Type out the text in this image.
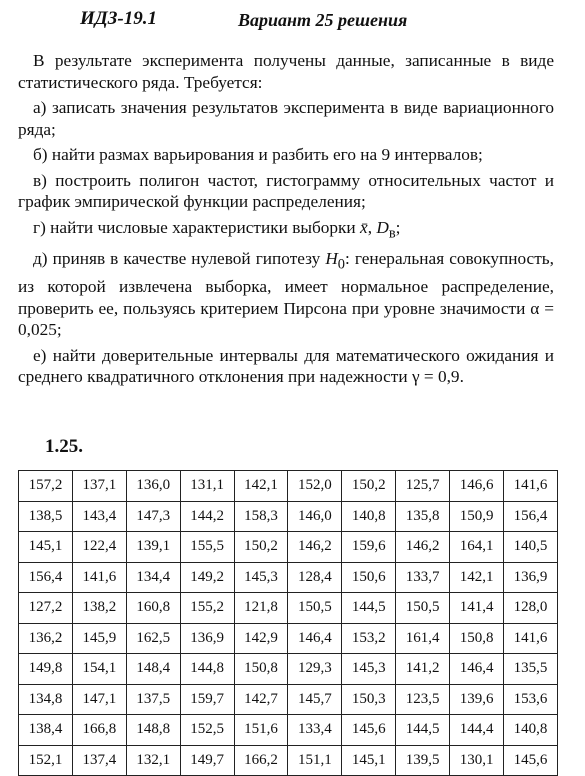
ИДЗ-19.1	Вариант 25 решения

В результате эксперимента получены данные, записанные в виде статистического ряда. Требуется:

а) записать значения результатов эксперимента в виде вариационного ряда;

б) найти размах варьирования и разбить его на 9 интервалов;

в) построить полигон частот, гистограмму относительных частот и график эмпирической функции распределения;

г) найти числовые характеристики выборки x̄, $D_в$;

д) приняв в качестве нулевой гипотезу $H_0$: генеральная совокупность, из которой извлечена выборка, имеет нормальное распределение, проверить ее, пользуясь критерием Пирсона при уровне значимости α = 0,025;

е) найти доверительные интервалы для математического ожидания и среднего квадратичного отклонения при надежности γ = 0,9.

1.25.
157,2	137,1	136,0	131,1	142,1	152,0	150,2	125,7	146,6	141,6
138,5	143,4	147,3	144,2	158,3	146,0	140,8	135,8	150,9	156,4
145,1	122,4	139,1	155,5	150,2	146,2	159,6	146,2	164,1	140,5
156,4	141,6	134,4	149,2	145,3	128,4	150,6	133,7	142,1	136,9
127,2	138,2	160,8	155,2	121,8	150,5	144,5	150,5	141,4	128,0
136,2	145,9	162,5	136,9	142,9	146,4	153,2	161,4	150,8	141,6
149,8	154,1	148,4	144,8	150,8	129,3	145,3	141,2	146,4	135,5
134,8	147,1	137,5	159,7	142,7	145,7	150,3	123,5	139,6	153,6
138,4	166,8	148,8	152,5	151,6	133,4	145,6	144,5	144,4	140,8
152,1	137,4	132,1	149,7	166,2	151,1	145,1	139,5	130,1	145,6
